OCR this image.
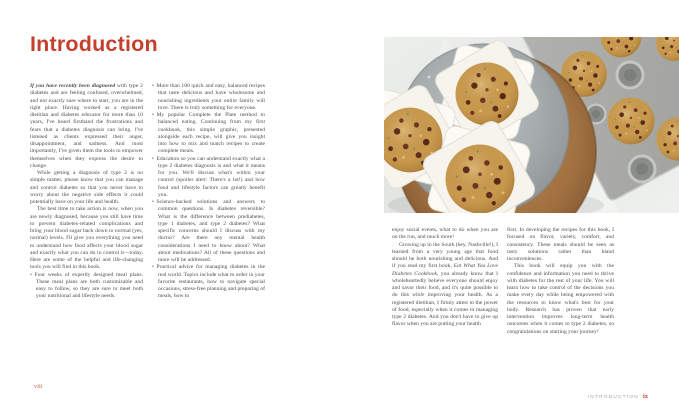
Introduction

If you have recently been diagnosed with type 2 diabetes and are feeling confused, overwhelmed, and not exactly sure where to start, you are in the right place. Having worked as a registered dietitian and diabetes educator for more than 10 years, I've heard firsthand the frustrations and fears that a diabetes diagnosis can bring. I've listened as clients expressed their anger, disappointment, and sadness. And most importantly, I've given them the tools to empower themselves when they express the desire to change.

While getting a diagnosis of type 2 is no simple matter, please know that you can manage and control diabetes so that you never have to worry about the negative side effects it could potentially have on your life and health.

The best time to take action is now, when you are newly diagnosed, because you still have time to prevent diabetes-related complications and bring your blood sugar back down to normal (yes, normal) levels. I'll give you everything you need to understand how food affects your blood sugar and exactly what you can do to control it—today. Here are some of the helpful and life-changing tools you will find in this book.

• Four weeks of expertly designed meal plans. These meal plans are both customizable and easy to follow, so they are sure to meet both your nutritional and lifestyle needs.

• More than 100 quick and easy, balanced recipes that taste delicious and have wholesome and nourishing ingredients your entire family will love. There is truly something for everyone.

• My popular Complete the Plate method to balanced eating. Continuing from my first cookbook, this simple graphic, presented alongside each recipe, will give you insight into how to mix and match recipes to create complete meals.

• Education so you can understand exactly what a type 2 diabetes diagnosis is and what it means for you. We'll discuss what's within your control (spoiler alert: There's a lot!) and how food and lifestyle factors can greatly benefit you.

• Science-backed solutions and answers to common questions. Is diabetes reversible? What is the difference between prediabetes, type 1 diabetes, and type 2 diabetes? What specific concerns should I discuss with my doctor? Are there any mental health considerations I need to know about? What about medications? All of these questions and more will be addressed.

• Practical advice for managing diabetes in the real world. Topics include what to order in your favorite restaurants, how to navigate special occasions, stress-free planning and preparing of meals, how to

viii

enjoy social events, what to do when you are on the run, and much more!

Growing up in the South (hey, Nashville!), I learned from a very young age that food should be both nourishing and delicious. And if you read my first book, Eat What You Love Diabetes Cookbook, you already know that I wholeheartedly believe everyone should enjoy and savor their food, and it's quite possible to do this while improving your health. As a registered dietitian, I firmly attest to the power of food, especially when it comes to managing type 2 diabetes. And you don't have to give up flavor when you are putting your health

first. In developing the recipes for this book, I focused on flavor, variety, comfort, and consistency. These meals should be seen as tasty solutions rather than bland inconveniences.

This book will equip you with the confidence and information you need to thrive with diabetes for the rest of your life. You will learn how to take control of the decisions you make every day while being empowered with the resources to know what's best for your body. Research has proven that early intervention improves long-term health outcomes when it comes to type 2 diabetes, so congratulations on starting your journey!

INTRODUCTION ix
